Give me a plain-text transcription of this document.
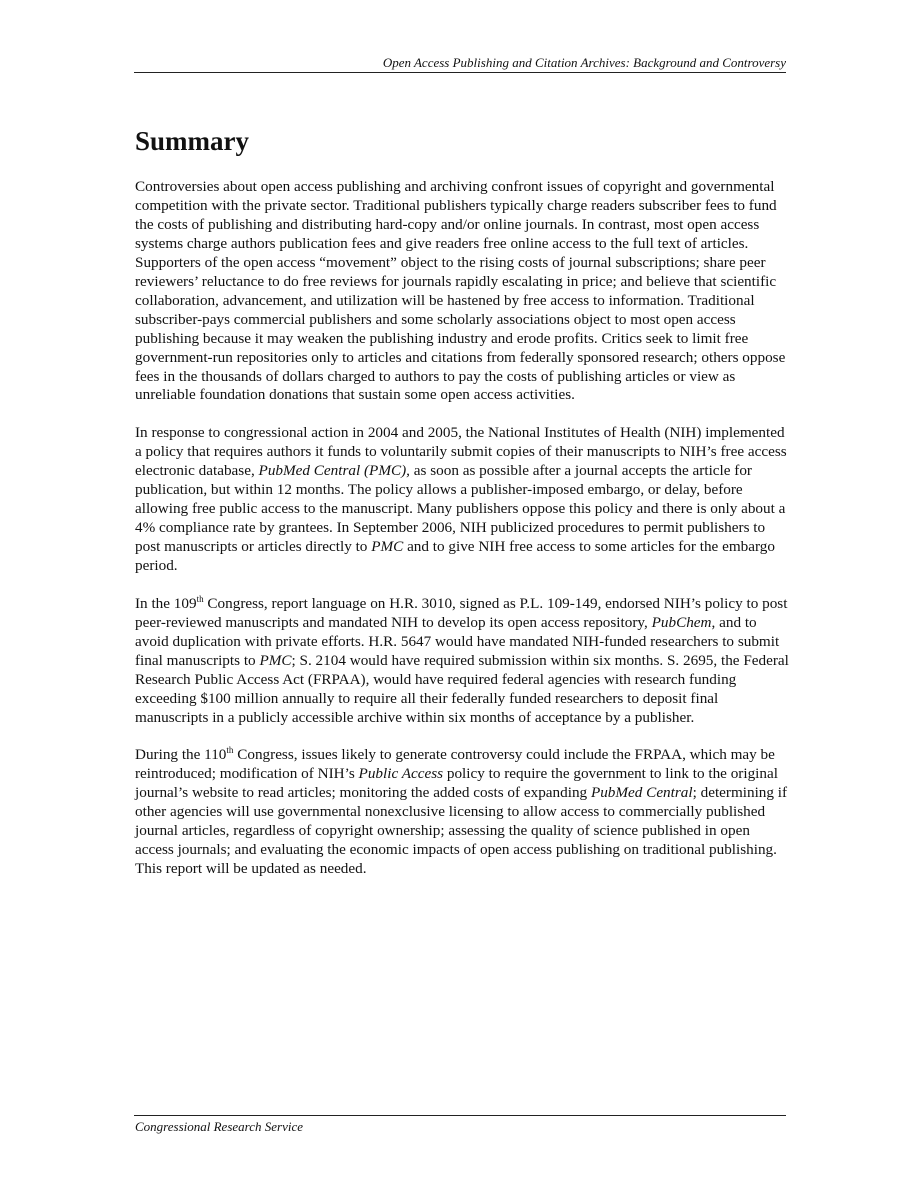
Open Access Publishing and Citation Archives: Background and Controversy
Summary

Controversies about open access publishing and archiving confront issues of copyright and governmental competition with the private sector. Traditional publishers typically charge readers subscriber fees to fund the costs of publishing and distributing hard-copy and/or online journals. In contrast, most open access systems charge authors publication fees and give readers free online access to the full text of articles. Supporters of the open access “movement” object to the rising costs of journal subscriptions; share peer reviewers’ reluctance to do free reviews for journals rapidly escalating in price; and believe that scientific collaboration, advancement, and utilization will be hastened by free access to information. Traditional subscriber-pays commercial publishers and some scholarly associations object to most open access publishing because it may weaken the publishing industry and erode profits. Critics seek to limit free government-run repositories only to articles and citations from federally sponsored research; others oppose fees in the thousands of dollars charged to authors to pay the costs of publishing articles or view as unreliable foundation donations that sustain some open access activities.

In response to congressional action in 2004 and 2005, the National Institutes of Health (NIH) implemented a policy that requires authors it funds to voluntarily submit copies of their manuscripts to NIH’s free access electronic database, PubMed Central (PMC), as soon as possible after a journal accepts the article for publication, but within 12 months. The policy allows a publisher-imposed embargo, or delay, before allowing free public access to the manuscript. Many publishers oppose this policy and there is only about a 4% compliance rate by grantees. In September 2006, NIH publicized procedures to permit publishers to post manuscripts or articles directly to PMC and to give NIH free access to some articles for the embargo period.

In the 109th Congress, report language on H.R. 3010, signed as P.L. 109-149, endorsed NIH’s policy to post peer-reviewed manuscripts and mandated NIH to develop its open access repository, PubChem, and to avoid duplication with private efforts. H.R. 5647 would have mandated NIH-funded researchers to submit final manuscripts to PMC; S. 2104 would have required submission within six months. S. 2695, the Federal Research Public Access Act (FRPAA), would have required federal agencies with research funding exceeding $100 million annually to require all their federally funded researchers to deposit final manuscripts in a publicly accessible archive within six months of acceptance by a publisher.

During the 110th Congress, issues likely to generate controversy could include the FRPAA, which may be reintroduced; modification of NIH’s Public Access policy to require the government to link to the original journal’s website to read articles; monitoring the added costs of expanding PubMed Central; determining if other agencies will use governmental nonexclusive licensing to allow access to commercially published journal articles, regardless of copyright ownership; assessing the quality of science published in open access journals; and evaluating the economic impacts of open access publishing on traditional publishing. This report will be updated as needed.

Congressional Research Service
